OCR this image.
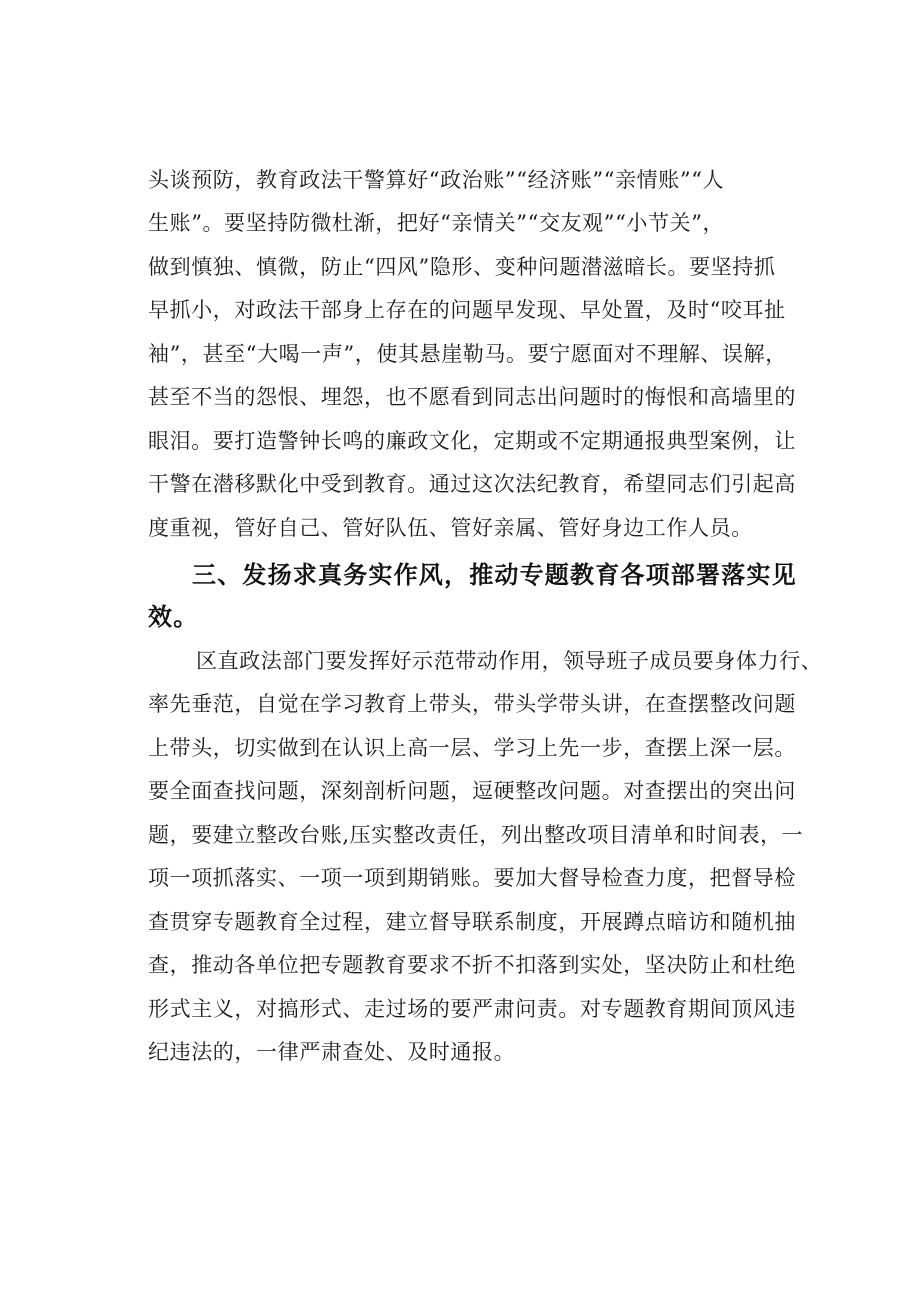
头谈预防，教育政法干警算好“政治账”“经济账”“亲情账”“人
生账”。要坚持防微杜渐，把好“亲情关”“交友观”“小节关”，
做到慎独、慎微，防止“四风”隐形、变种问题潜滋暗长。要坚持抓
早抓小，对政法干部身上存在的问题早发现、早处置，及时“咬耳扯
袖”，甚至“大喝一声”，使其悬崖勒马。要宁愿面对不理解、误解，
甚至不当的怨恨、埋怨，也不愿看到同志出问题时的悔恨和高墙里的
眼泪。要打造警钟长鸣的廉政文化，定期或不定期通报典型案例，让
干警在潜移默化中受到教育。通过这次法纪教育，希望同志们引起高
度重视，管好自己、管好队伍、管好亲属、管好身边工作人员。
三、发扬求真务实作风，推动专题教育各项部署落实见
效。
区直政法部门要发挥好示范带动作用，领导班子成员要身体力行、
率先垂范，自觉在学习教育上带头，带头学带头讲，在查摆整改问题
上带头，切实做到在认识上高一层、学习上先一步，查摆上深一层。
要全面查找问题，深刻剖析问题，逗硬整改问题。对查摆出的突出问
题，要建立整改台账,压实整改责任，列出整改项目清单和时间表，一
项一项抓落实、一项一项到期销账。要加大督导检查力度，把督导检
查贯穿专题教育全过程，建立督导联系制度，开展蹲点暗访和随机抽
查，推动各单位把专题教育要求不折不扣落到实处，坚决防止和杜绝
形式主义，对搞形式、走过场的要严肃问责。对专题教育期间顶风违
纪违法的，一律严肃查处、及时通报。
